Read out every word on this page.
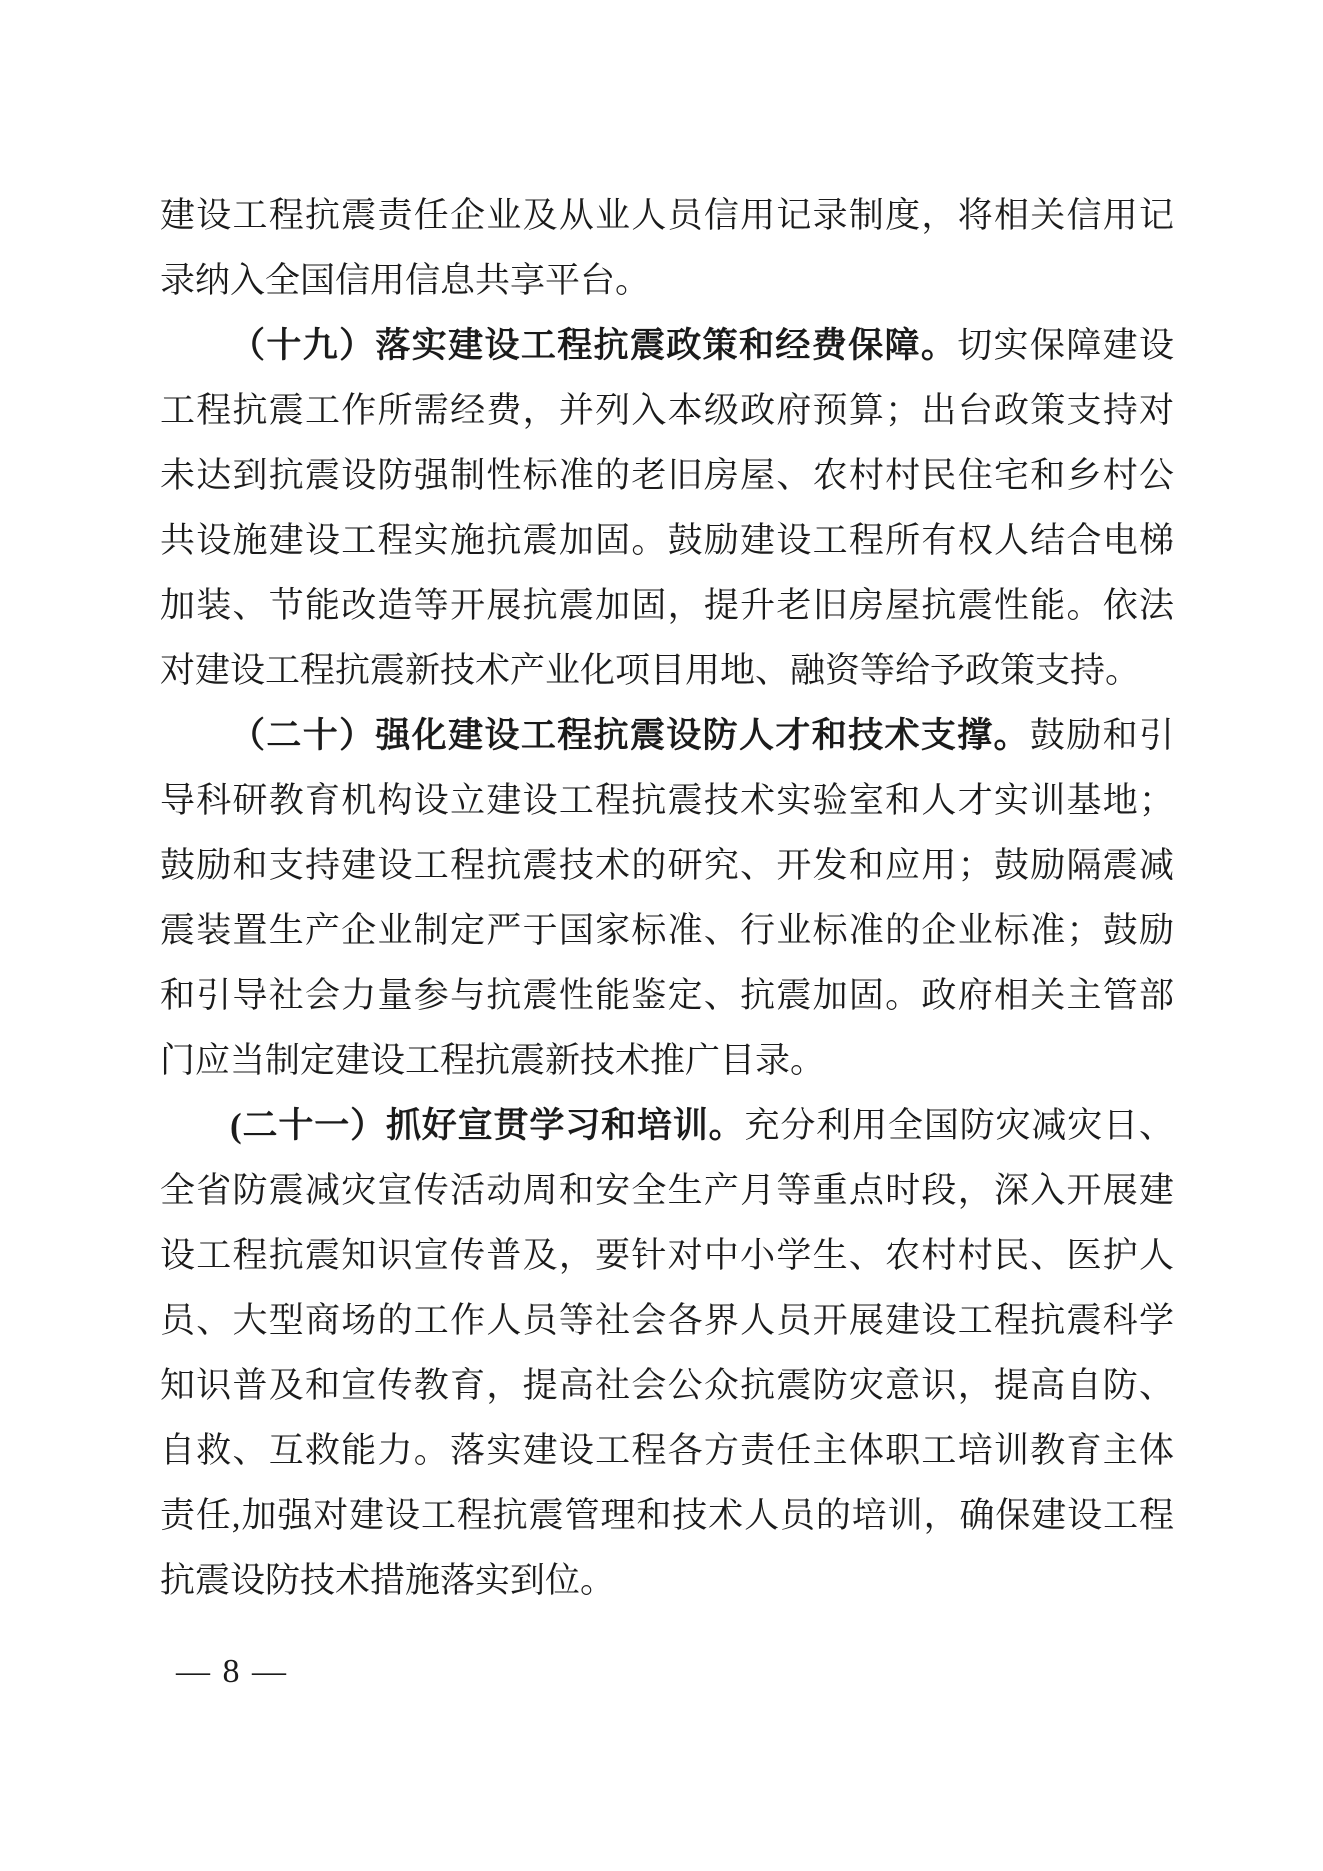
建设工程抗震责任企业及从业人员信用记录制度，将相关信用记录纳入全国信用信息共享平台。

（十九）落实建设工程抗震政策和经费保障。切实保障建设工程抗震工作所需经费，并列入本级政府预算；出台政策支持对未达到抗震设防强制性标准的老旧房屋、农村村民住宅和乡村公共设施建设工程实施抗震加固。鼓励建设工程所有权人结合电梯加装、节能改造等开展抗震加固，提升老旧房屋抗震性能。依法对建设工程抗震新技术产业化项目用地、融资等给予政策支持。

（二十）强化建设工程抗震设防人才和技术支撑。鼓励和引导科研教育机构设立建设工程抗震技术实验室和人才实训基地；鼓励和支持建设工程抗震技术的研究、开发和应用；鼓励隔震减震装置生产企业制定严于国家标准、行业标准的企业标准；鼓励和引导社会力量参与抗震性能鉴定、抗震加固。政府相关主管部门应当制定建设工程抗震新技术推广目录。

(二十一）抓好宣贯学习和培训。充分利用全国防灾减灾日、全省防震减灾宣传活动周和安全生产月等重点时段，深入开展建设工程抗震知识宣传普及，要针对中小学生、农村村民、医护人员、大型商场的工作人员等社会各界人员开展建设工程抗震科学知识普及和宣传教育，提高社会公众抗震防灾意识，提高自防、自救、互救能力。落实建设工程各方责任主体职工培训教育主体责任,加强对建设工程抗震管理和技术人员的培训，确保建设工程抗震设防技术措施落实到位。

— 8 —
